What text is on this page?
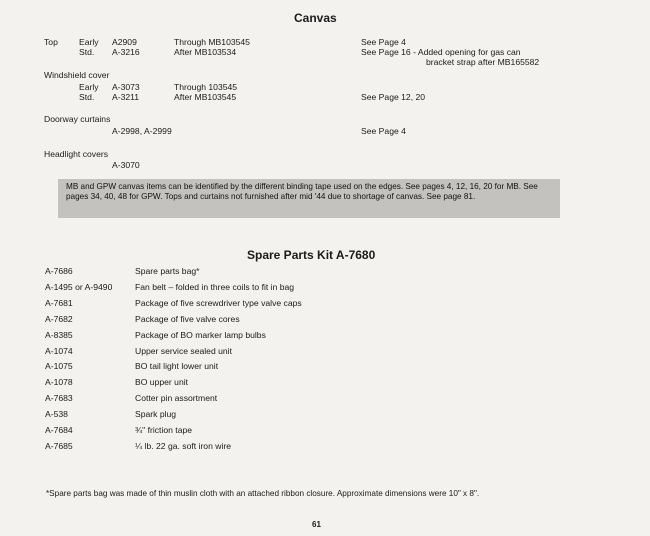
Canvas
Top Early A2909	Through MB103545	See Page 4
Std. A-3216	After MB103534	See Page 16 - Added opening for gas can
bracket strap after MB165582
Windshield cover
Early A-3073	Through 103545
Std. A-3211	After MB103545	See Page 12, 20
Doorway curtains
A-2998, A-2999	See Page 4
Headlight covers
A-3070
MB and GPW canvas items can be identified by the different binding tape used on the edges. See pages 4, 12, 16, 20 for MB. See pages 34, 40, 48 for GPW. Tops and curtains not furnished after mid '44 due to shortage of canvas. See page 81.
Spare Parts Kit A-7680
A-7686	Spare parts bag*
A-1495 or A-9490	Fan belt – folded in three coils to fit in bag
A-7681	Package of five screwdriver type valve caps
A-7682	Package of five valve cores
A-8385	Package of BO marker lamp bulbs
A-1074	Upper service sealed unit
A-1075	BO tail light lower unit
A-1078	BO upper unit
A-7683	Cotter pin assortment
A-538	Spark plug
A-7684	¾" friction tape
A-7685	¼ lb. 22 ga. soft iron wire
*Spare parts bag was made of thin muslin cloth with an attached ribbon closure. Approximate dimensions were 10" x 8".
61
